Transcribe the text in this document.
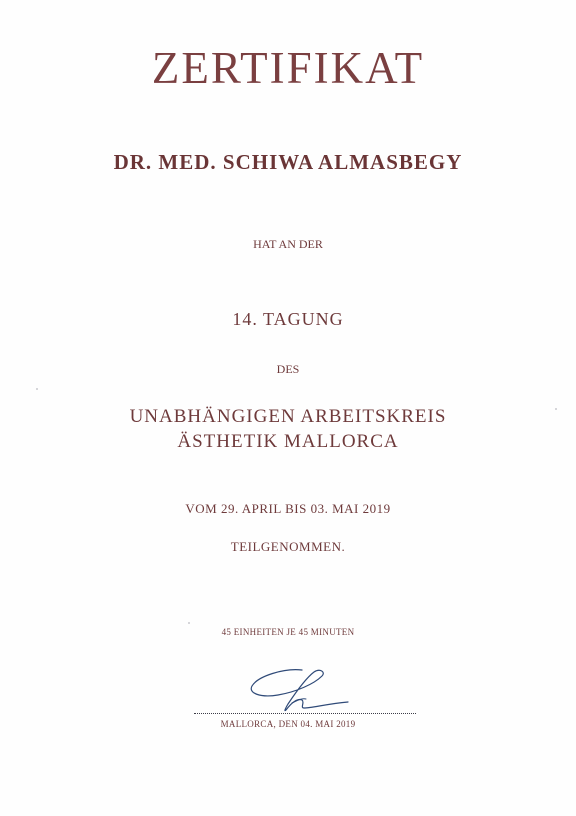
ZERTIFIKAT
DR. MED. SCHIWA ALMASBEGY
HAT AN DER
14. TAGUNG
DES
UNABHÄNGIGEN ARBEITSKREIS
ÄSTHETIK MALLORCA
VOM 29. APRIL BIS 03. MAI 2019
TEILGENOMMEN.
45 EINHEITEN JE 45 MINUTEN
MALLORCA, DEN 04. MAI 2019
